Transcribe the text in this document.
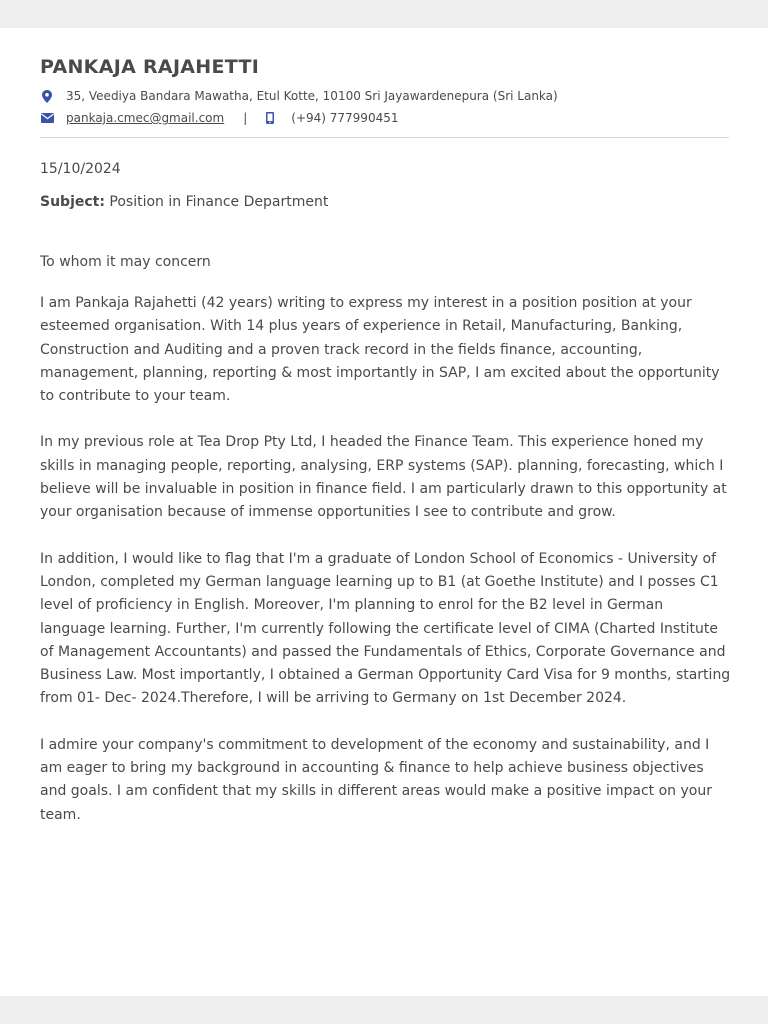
PANKAJA RAJAHETTI
35, Veediya Bandara Mawatha, Etul Kotte, 10100 Sri Jayawardenepura (Sri Lanka)
pankaja.cmec@gmail.com |	(+94) 777990451
15/10/2024
Subject: Position in Finance Department
To whom it may concern

I am Pankaja Rajahetti (42 years) writing to express my interest in a position position at your esteemed organisation. With 14 plus years of experience in Retail, Manufacturing, Banking, Construction and Auditing and a proven track record in the fields finance, accounting, management, planning, reporting & most importantly in SAP, I am excited about the opportunity to contribute to your team.

In my previous role at Tea Drop Pty Ltd, I headed the Finance Team. This experience honed my skills in managing people, reporting, analysing, ERP systems (SAP). planning, forecasting, which I believe will be invaluable in position in finance field. I am particularly drawn to this opportunity at your organisation because of immense opportunities I see to contribute and grow.

In addition, I would like to flag that I'm a graduate of London School of Economics - University of London, completed my German language learning up to B1 (at Goethe Institute) and I posses C1 level of proficiency in English. Moreover, I'm planning to enrol for the B2 level in German language learning. Further, I'm currently following the certificate level of CIMA (Charted Institute of Management Accountants) and passed the Fundamentals of Ethics, Corporate Governance and Business Law. Most importantly, I obtained a German Opportunity Card Visa for 9 months, starting from 01- Dec- 2024.Therefore, I will be arriving to Germany on 1st December 2024.

I admire your company's commitment to development of the economy and sustainability, and I am eager to bring my background in accounting & finance to help achieve business objectives and goals. I am confident that my skills in different areas would make a positive impact on your team.
